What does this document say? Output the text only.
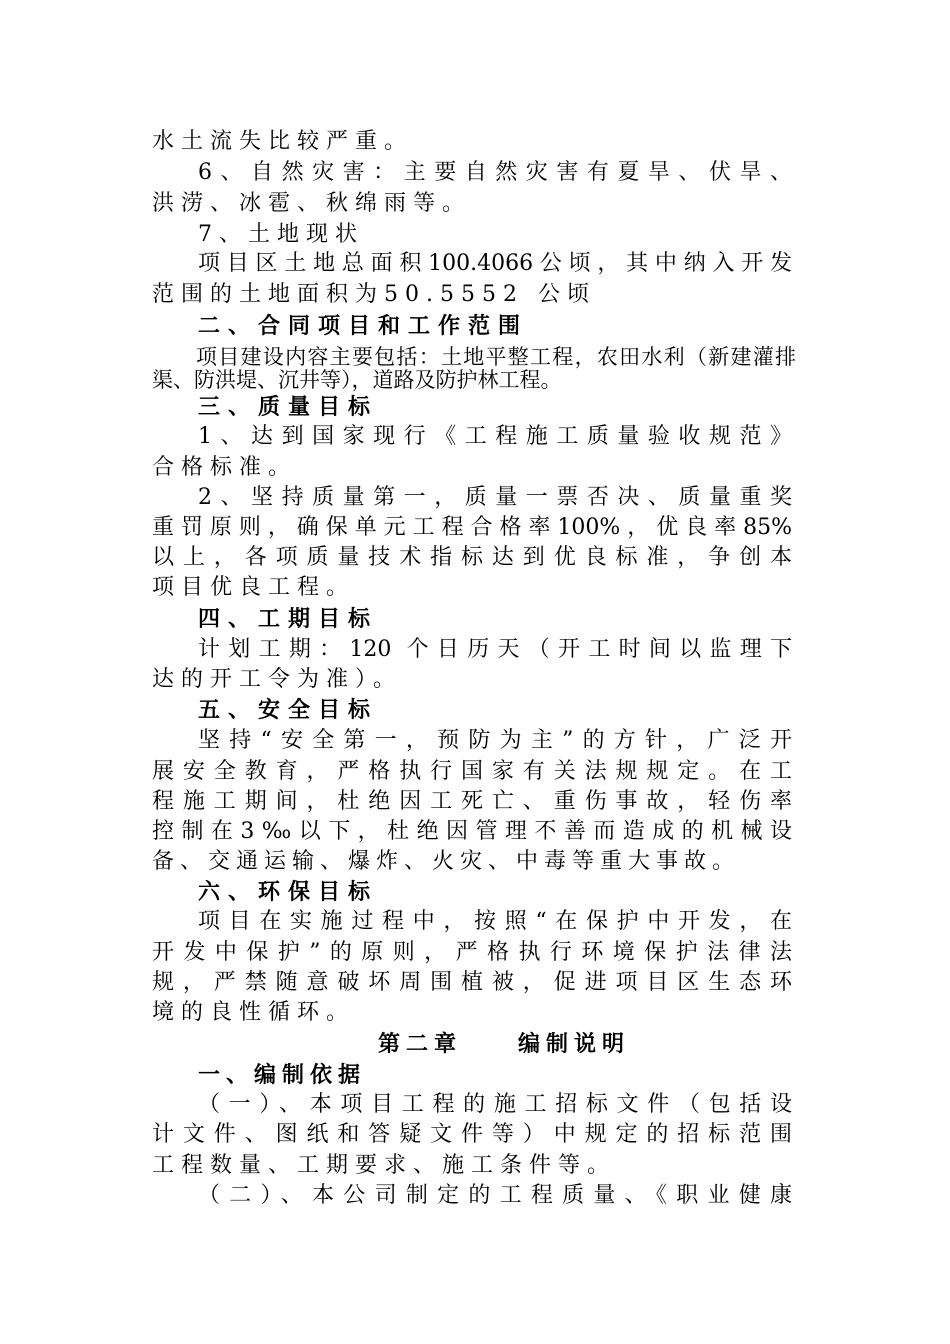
水土流失比较严重。
6、自然灾害：主要自然灾害有夏旱、伏旱、
洪涝、冰雹、秋绵雨等。
7、土地现状
项目区土地总面积100.4066公顷，其中纳入开发
范围的土地面积为50.5552 公顷
二、合同项目和工作范围
项目建设内容主要包括：土地平整工程，农田水利（新建灌排
渠、防洪堤、沉井等），道路及防护林工程。
三、质量目标
1、达到国家现行《工程施工质量验收规范》
合格标准。
2、坚持质量第一，质量一票否决、质量重奖
重罚原则，确保单元工程合格率100%，优良率85%
以上，各项质量技术指标达到优良标准，争创本
项目优良工程。
四、工期目标
计划工期：120 个日历天（开工时间以监理下
达的开工令为准）。
五、安全目标
坚持“安全第一，预防为主”的方针，广泛开
展安全教育，严格执行国家有关法规规定。在工
程施工期间，杜绝因工死亡、重伤事故，轻伤率
控制在3‰以下，杜绝因管理不善而造成的机械设
备、交通运输、爆炸、火灾、中毒等重大事故。
六、环保目标
项目在实施过程中，按照“在保护中开发，在
开发中保护”的原则，严格执行环境保护法律法
规，严禁随意破坏周围植被，促进项目区生态环
境的良性循环。
第二章　　编制说明
一、编制依据
（一）、本项目工程的施工招标文件（包括设
计文件、图纸和答疑文件等）中规定的招标范围
工程数量、工期要求、施工条件等。
（二）、本公司制定的工程质量、《职业健康
